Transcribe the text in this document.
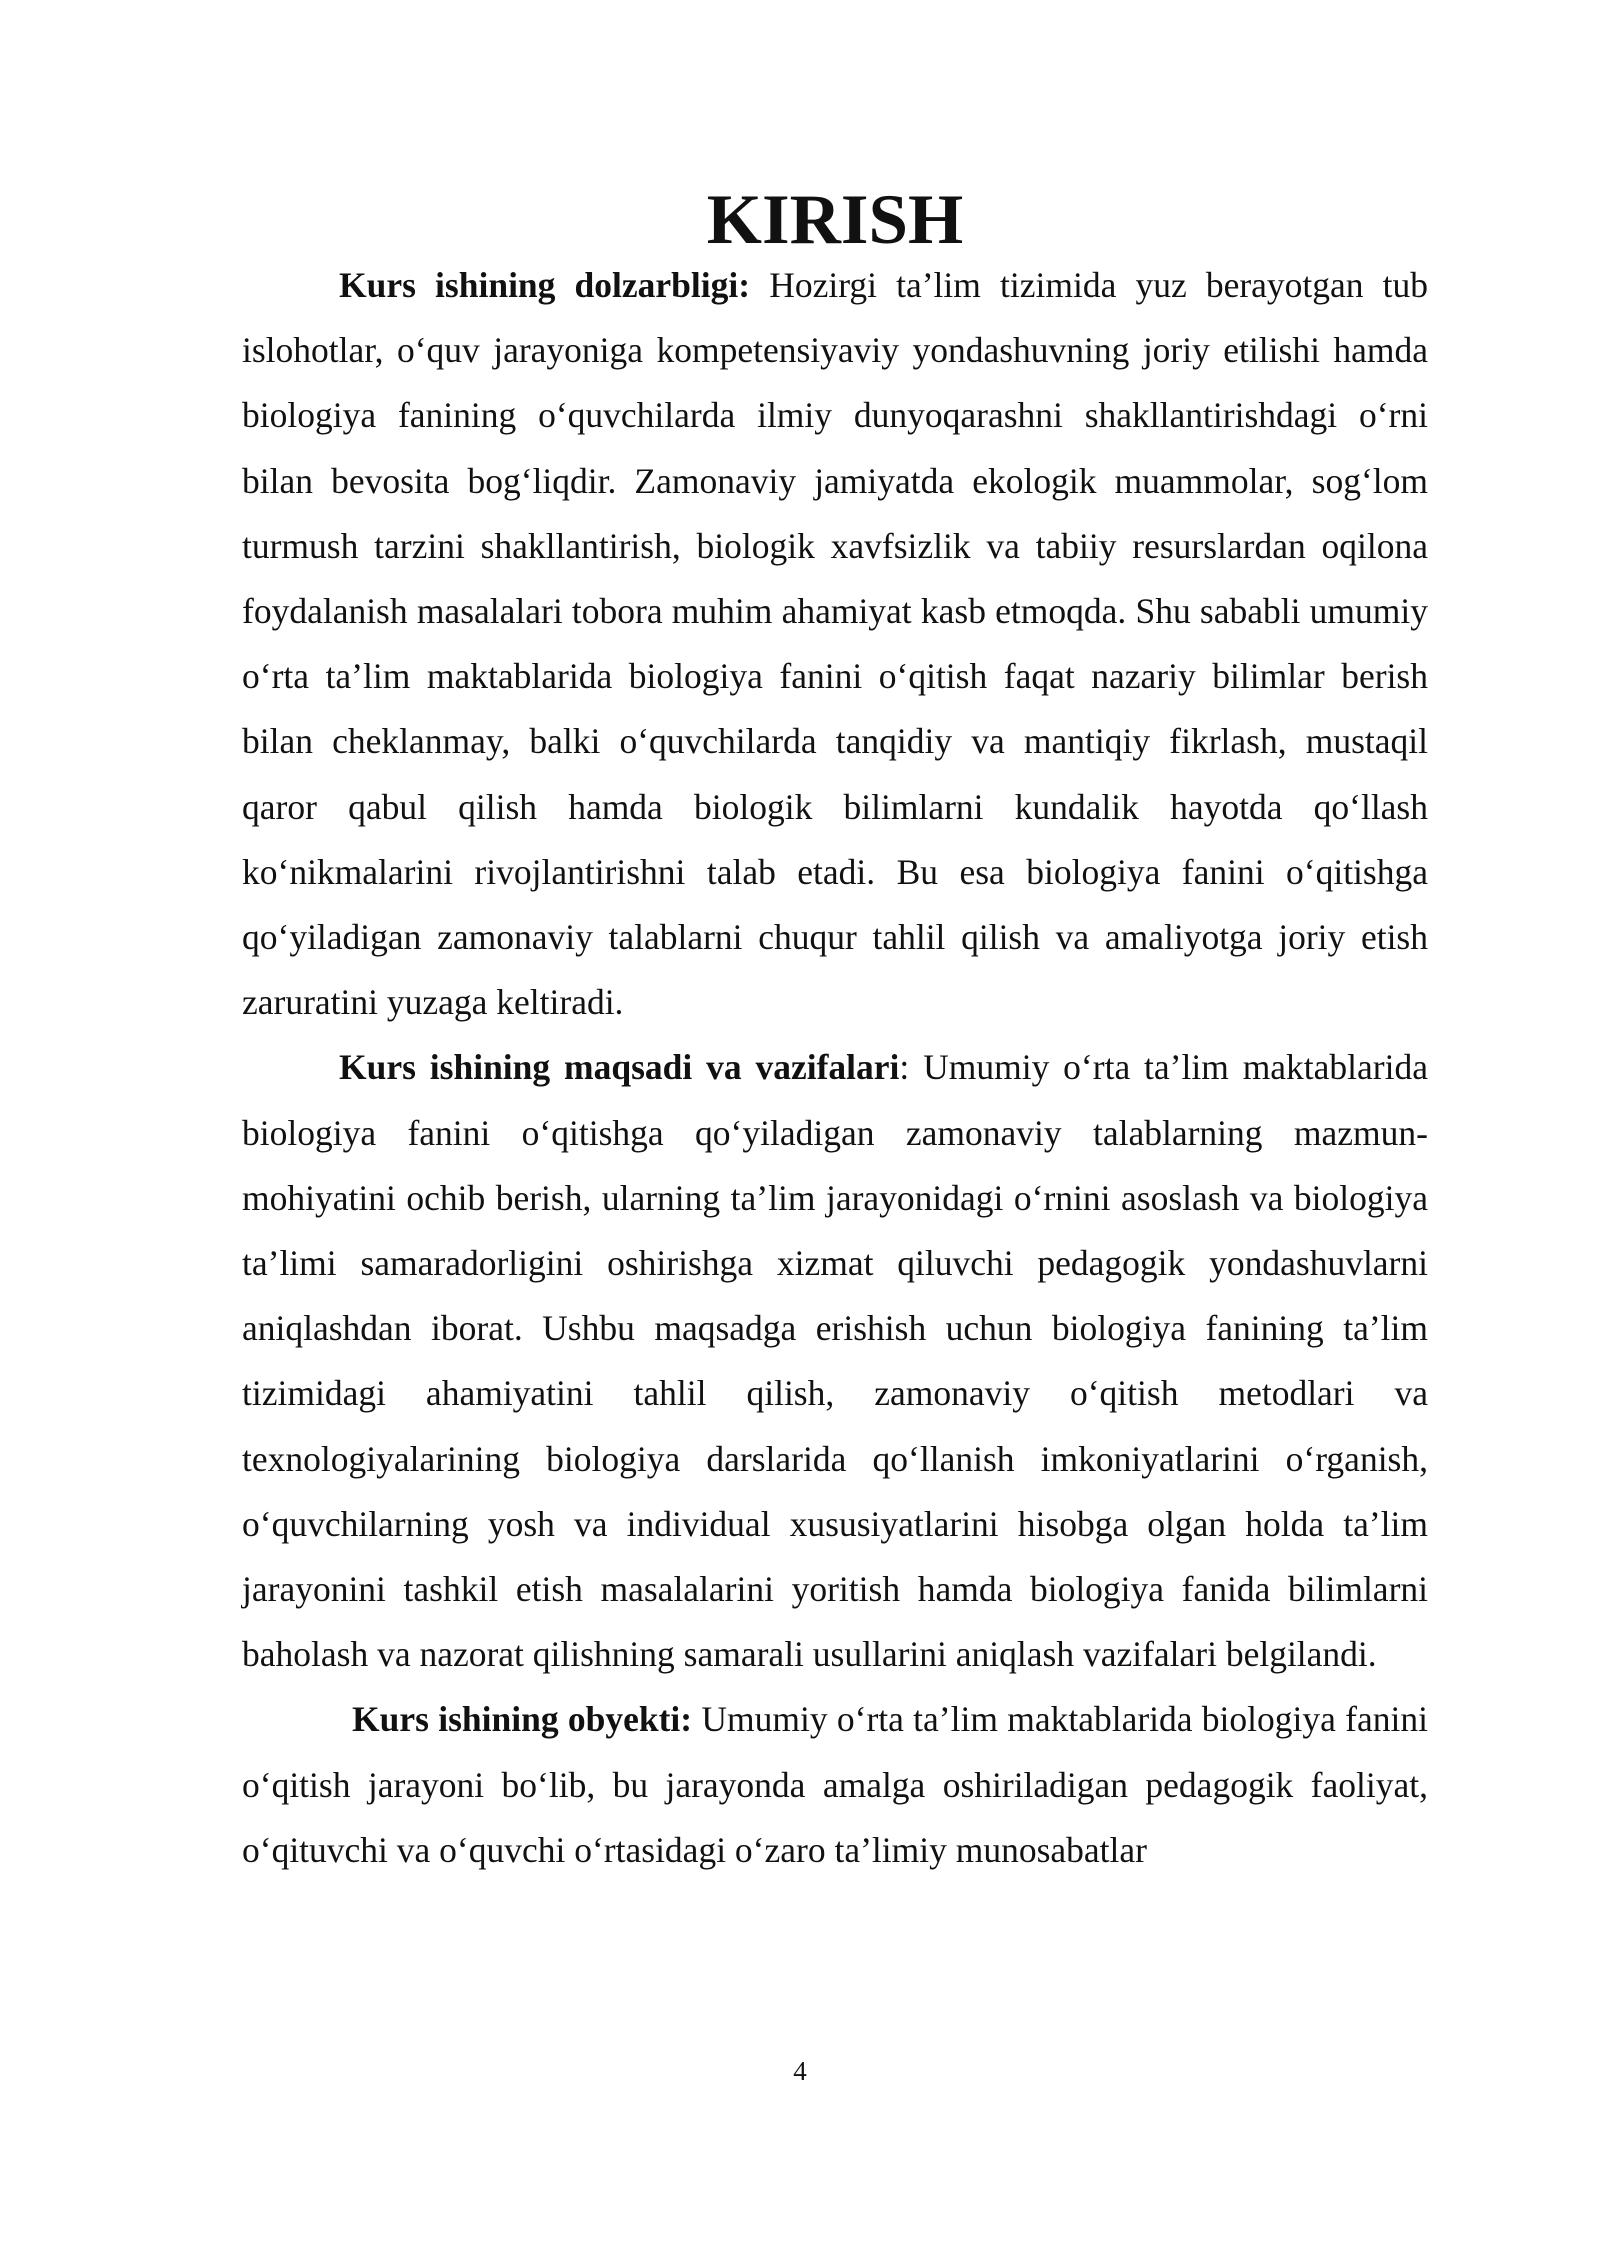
KIRISH

Kurs ishining dolzarbligi: Hozirgi ta’lim tizimida yuz berayotgan tub islohotlar, o‘quv jarayoniga kompetensiyaviy yondashuvning joriy etilishi hamda biologiya fanining o‘quvchilarda ilmiy dunyoqarashni shakllantirishdagi o‘rni bilan bevosita bog‘liqdir. Zamonaviy jamiyatda ekologik muammolar, sog‘lom turmush tarzini shakllantirish, biologik xavfsizlik va tabiiy resurslardan oqilona foydalanish masalalari tobora muhim ahamiyat kasb etmoqda. Shu sababli umumiy o‘rta ta’lim maktablarida biologiya fanini o‘qitish faqat nazariy bilimlar berish bilan cheklanmay, balki o‘quvchilarda tanqidiy va mantiqiy fikrlash, mustaqil qaror qabul qilish hamda biologik bilimlarni kundalik hayotda qo‘llash ko‘nikmalarini rivojlantirishni talab etadi. Bu esa biologiya fanini o‘qitishga qo‘yiladigan zamonaviy talablarni chuqur tahlil qilish va amaliyotga joriy etish zaruratini yuzaga keltiradi.

Kurs ishining maqsadi va vazifalari: Umumiy o‘rta ta’lim maktablarida biologiya fanini o‘qitishga qo‘yiladigan zamonaviy talablarning mazmun-mohiyatini ochib berish, ularning ta’lim jarayonidagi o‘rnini asoslash va biologiya ta’limi samaradorligini oshirishga xizmat qiluvchi pedagogik yondashuvlarni aniqlashdan iborat. Ushbu maqsadga erishish uchun biologiya fanining ta’lim tizimidagi ahamiyatini tahlil qilish, zamonaviy o‘qitish metodlari va texnologiyalarining biologiya darslarida qo‘llanish imkoniyatlarini o‘rganish, o‘quvchilarning yosh va individual xususiyatlarini hisobga olgan holda ta’lim jarayonini tashkil etish masalalarini yoritish hamda biologiya fanida bilimlarni baholash va nazorat qilishning samarali usullarini aniqlash vazifalari belgilandi.

Kurs ishining obyekti: Umumiy o‘rta ta’lim maktablarida biologiya fanini o‘qitish jarayoni bo‘lib, bu jarayonda amalga oshiriladigan pedagogik faoliyat, o‘qituvchi va o‘quvchi o‘rtasidagi o‘zaro ta’limiy munosabatlar

4
